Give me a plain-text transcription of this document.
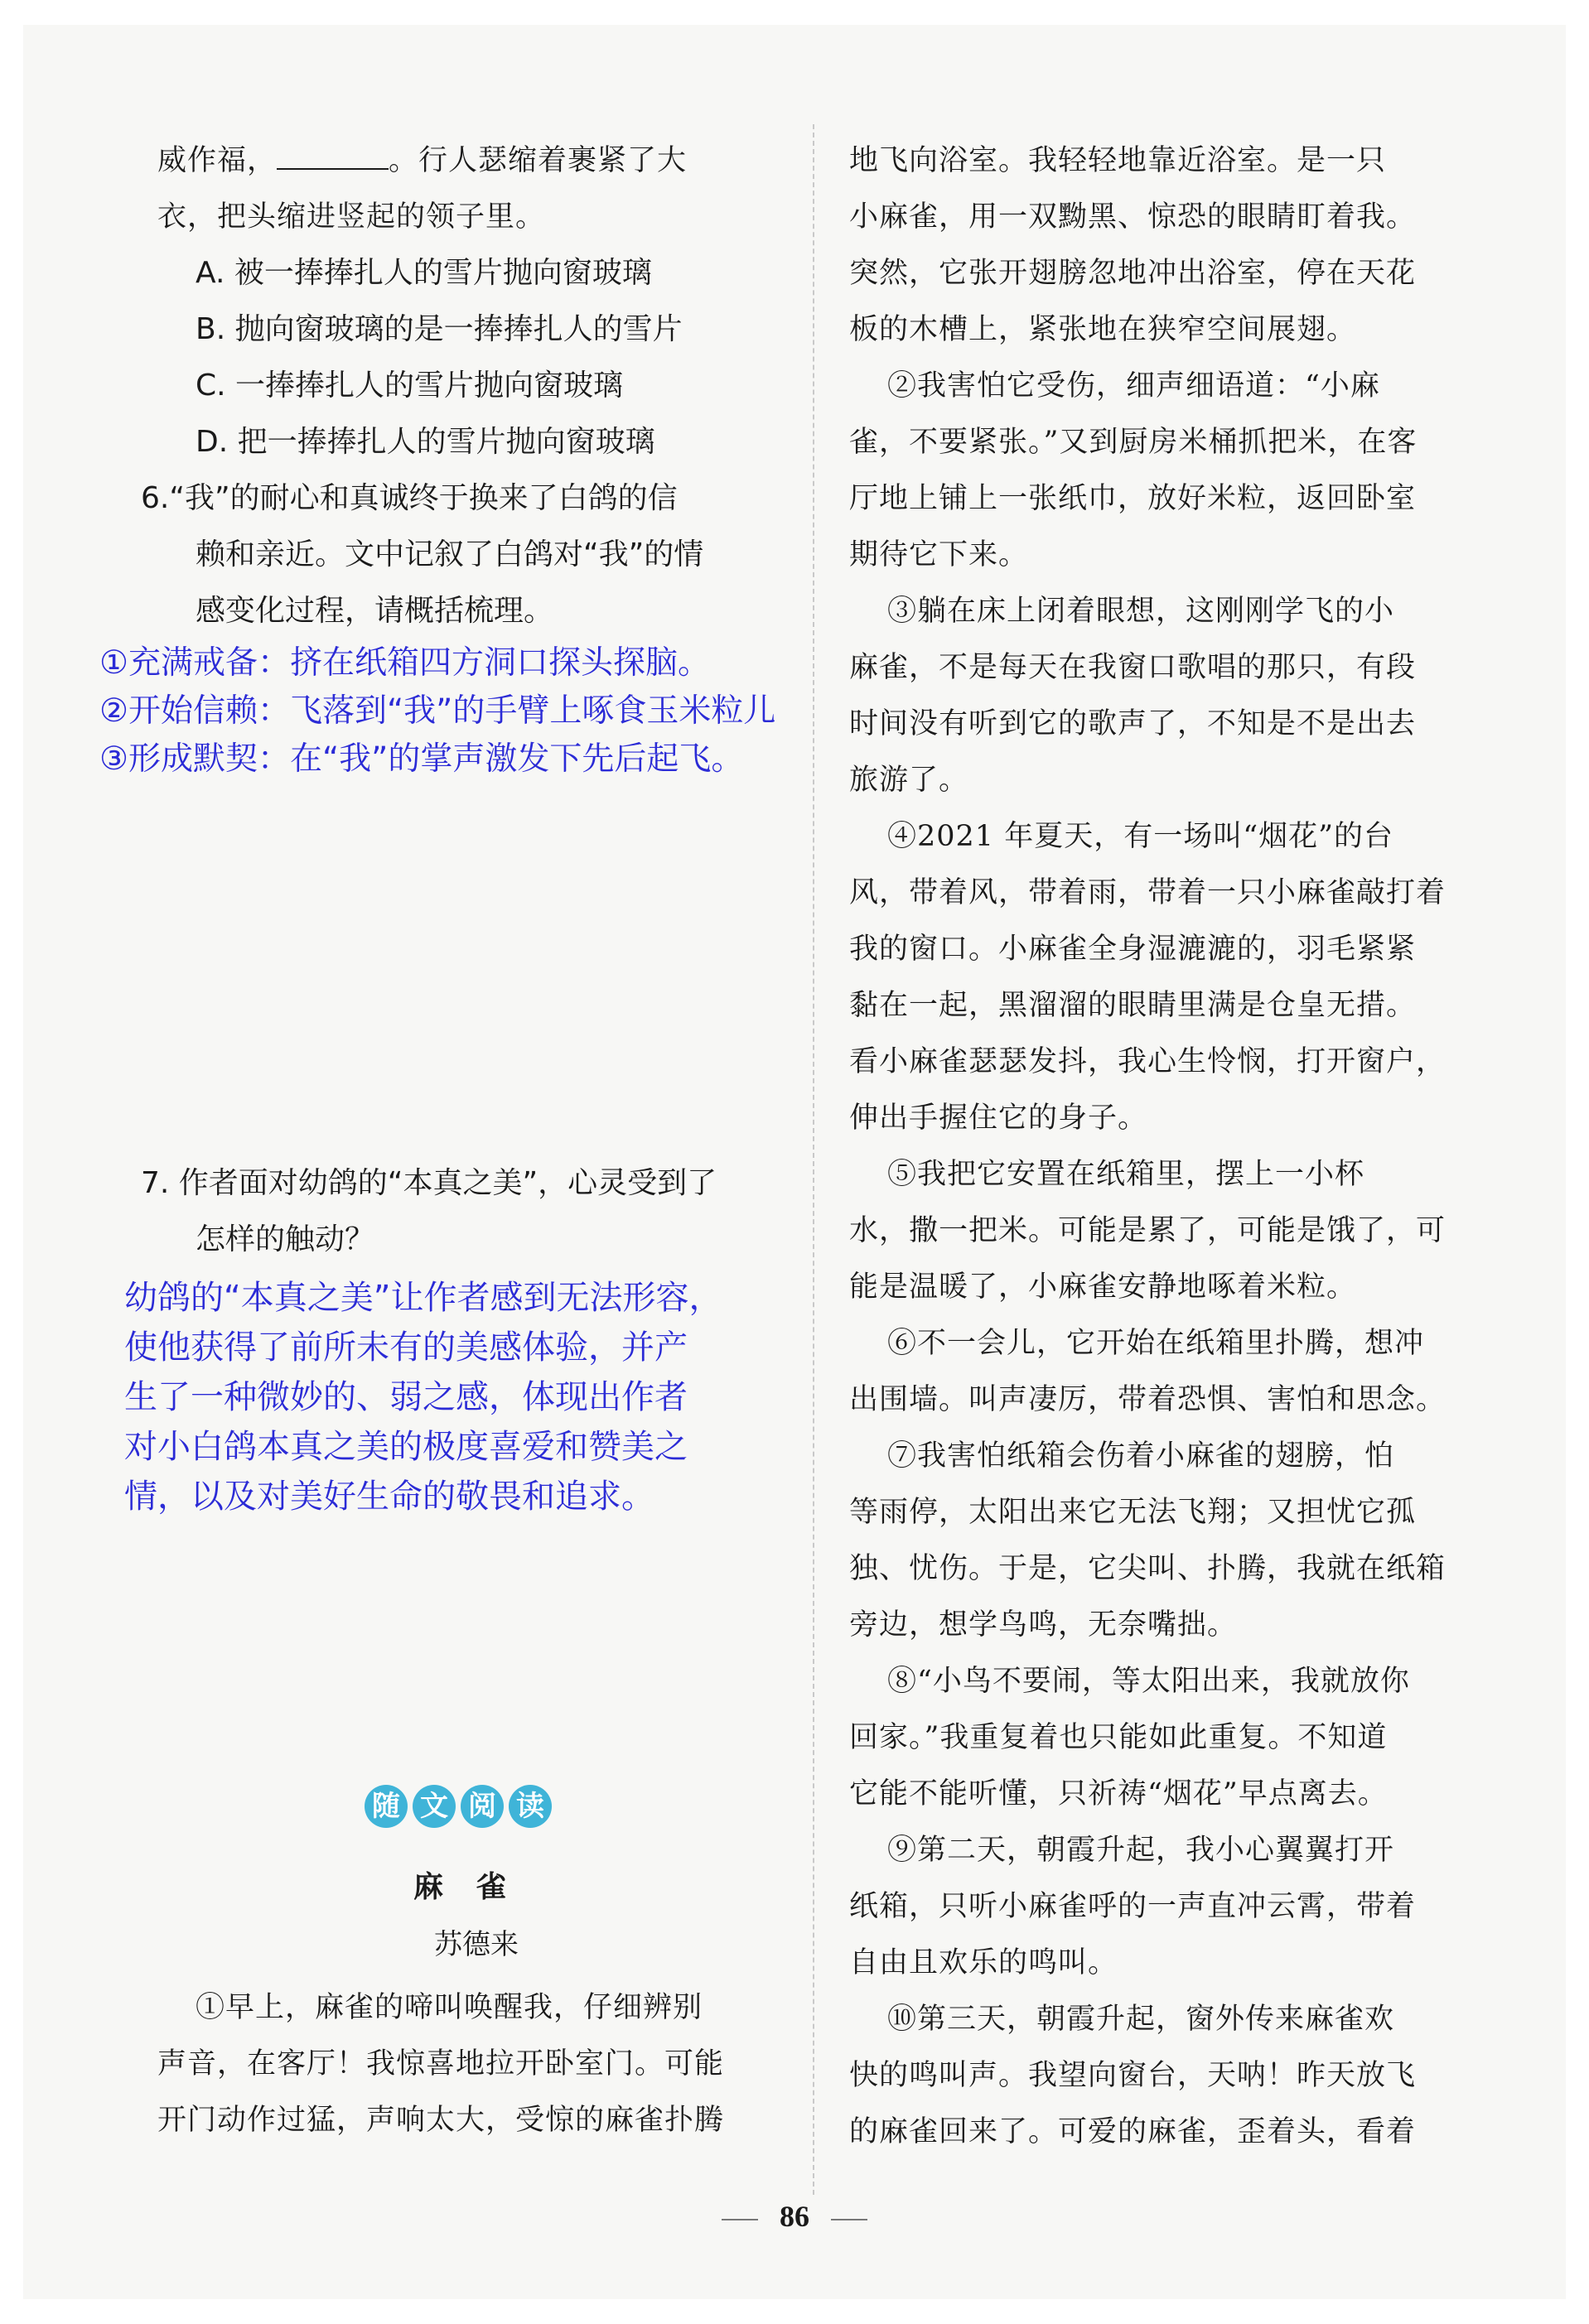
威作福，	。行人瑟缩着裹紧了大
衣，把头缩进竖起的领子里。
A. 被一捧捧扎人的雪片抛向窗玻璃
B. 抛向窗玻璃的是一捧捧扎人的雪片
C. 一捧捧扎人的雪片抛向窗玻璃
D. 把一捧捧扎人的雪片抛向窗玻璃
6.“我”的耐心和真诚终于换来了白鸽的信
赖和亲近。文中记叙了白鸽对“我”的情
感变化过程，请概括梳理。
①充满戒备：挤在纸箱四方洞口探头探脑。
②开始信赖：飞落到“我”的手臂上啄食玉米粒儿
③形成默契：在“我”的掌声激发下先后起飞。
7. 作者面对幼鸽的“本真之美”，心灵受到了
怎样的触动？
幼鸽的“本真之美”让作者感到无法形容，
使他获得了前所未有的美感体验，并产
生了一种微妙的、弱之感，体现出作者
对小白鸽本真之美的极度喜爱和赞美之
情，以及对美好生命的敬畏和追求。
随 文 阅 读
麻雀
苏德来
①早上，麻雀的啼叫唤醒我，仔细辨别
声音，在客厅！我惊喜地拉开卧室门。可能
开门动作过猛，声响太大，受惊的麻雀扑腾
地飞向浴室。我轻轻地靠近浴室。是一只
小麻雀，用一双黝黑、惊恐的眼睛盯着我。
突然，它张开翅膀忽地冲出浴室，停在天花
板的木槽上，紧张地在狭窄空间展翅。
②我害怕它受伤，细声细语道：“小麻
雀，不要紧张。”又到厨房米桶抓把米，在客
厅地上铺上一张纸巾，放好米粒，返回卧室
期待它下来。
③躺在床上闭着眼想，这刚刚学飞的小
麻雀，不是每天在我窗口歌唱的那只，有段
时间没有听到它的歌声了，不知是不是出去
旅游了。
④2021 年夏天，有一场叫“烟花”的台
风，带着风，带着雨，带着一只小麻雀敲打着
我的窗口。小麻雀全身湿漉漉的，羽毛紧紧
黏在一起，黑溜溜的眼睛里满是仓皇无措。
看小麻雀瑟瑟发抖，我心生怜悯，打开窗户，
伸出手握住它的身子。
⑤我把它安置在纸箱里，摆上一小杯
水，撒一把米。可能是累了，可能是饿了，可
能是温暖了，小麻雀安静地啄着米粒。
⑥不一会儿，它开始在纸箱里扑腾，想冲
出围墙。叫声凄厉，带着恐惧、害怕和思念。
⑦我害怕纸箱会伤着小麻雀的翅膀，怕
等雨停，太阳出来它无法飞翔；又担忧它孤
独、忧伤。于是，它尖叫、扑腾，我就在纸箱
旁边，想学鸟鸣，无奈嘴拙。
⑧“小鸟不要闹，等太阳出来，我就放你
回家。”我重复着也只能如此重复。不知道
它能不能听懂，只祈祷“烟花”早点离去。
⑨第二天，朝霞升起，我小心翼翼打开
纸箱，只听小麻雀呼的一声直冲云霄，带着
自由且欢乐的鸣叫。
⑩第三天，朝霞升起，窗外传来麻雀欢
快的鸣叫声。我望向窗台，天呐！昨天放飞
的麻雀回来了。可爱的麻雀，歪着头，看着
86
